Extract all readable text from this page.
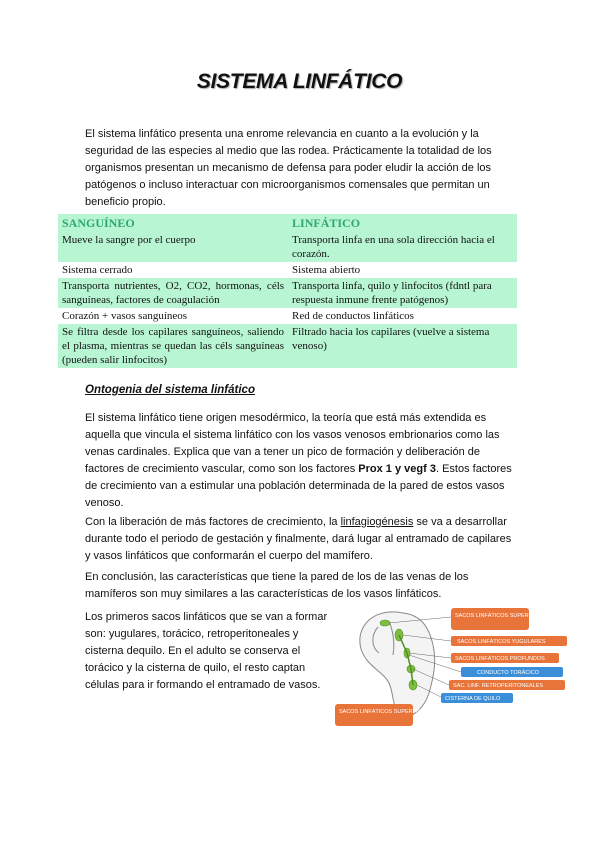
SISTEMA LINFÁTICO

El sistema linfático presenta una enrome relevancia en cuanto a la evolución y la seguridad de las especies al medio que las rodea. Prácticamente la totalidad de los organismos presentan un mecanismo de defensa para poder eludir la acción de los patógenos o incluso interactuar con microorganismos comensales que permitan un beneficio propio.

SANGUÍNEO	LINFÁTICO
Mueve la sangre por el cuerpo	Transporta linfa en una sola dirección hacia el corazón.
Sistema cerrado	Sistema abierto
Transporta nutrientes, O2, CO2, hormonas, céls sanguíneas, factores de coagulación	Transporta linfa, quilo y linfocitos (fdntl para respuesta inmune frente patógenos)
Corazón + vasos sanguíneos	Red de conductos linfáticos
Se filtra desde los capilares sanguíneos, saliendo el plasma, mientras se quedan las céls sanguíneas (pueden salir linfocitos)	Filtrado hacia los capilares (vuelve a sistema venoso)
Ontogenia del sistema linfático

El sistema linfático tiene origen mesodérmico, la teoría que está más extendida es aquella que vincula el sistema linfático con los vasos venosos embrionarios como las venas cardinales. Explica que van a tener un pico de formación y deliberación de factores de crecimiento vascular, como son los factores Prox 1 y vegf 3. Estos factores de crecimiento van a estimular una población determinada de la pared de estos vasos venoso.

Con la liberación de más factores de crecimiento, la linfagiogénesis se va a desarrollar durante todo el periodo de gestación y finalmente, dará lugar al entramado de capilares y vasos linfáticos que conformarán el cuerpo del mamífero.

En conclusión, las características que tiene la pared de los de las venas de los mamíferos son muy similares a las características de los vasos linfáticos.

Los primeros sacos linfáticos que se van a formar son: yugulares, torácico, retroperitoneales y cisterna dequilo. En el adulto se conserva el torácico y la cisterna de quilo, el resto captan células para ir formando el entramado de vasos.

SACOS LINFÁTICOS SUPERFICIALES
SACOS LINFÁTICOS YUGULARES
SACOS LINFÁTICOS PROFUNDOS
CONDUCTO TORÁCICO
SAC. LINF. RETROPERITONEALES
CISTERNA DE QUILO
SACOS LINFÁTICOS SUPERFICIALES
